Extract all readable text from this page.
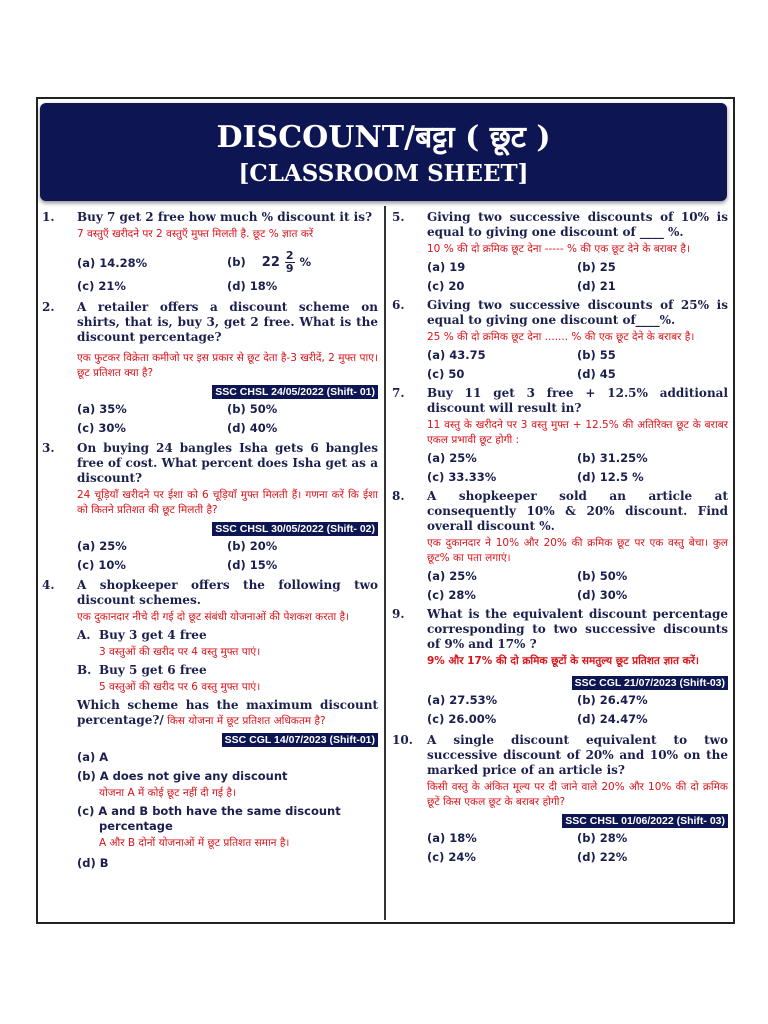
DISCOUNT/बट्टा ( छूट )
[CLASSROOM SHEET]
1. Buy 7 get 2 free how much % discount it is?
7 वस्तुएँ खरीदने पर 2 वस्तुएँ मुफ्त मिलती है. छूट % ज्ञात करें
(a) 14.28%	(b) $22 \frac{2}{9}$ %
(c) 21%	(d) 18%
2. A retailer offers a discount scheme on shirts, that is, buy 3, get 2 free. What is the discount percentage?
एक फुटकर विक्रेता कमीजो पर इस प्रकार से छूट देता है-3 खरीदें, 2 मुफ्त पाए। छूट प्रतिशत क्या है?
SSC CHSL 24/05/2022 (Shift- 01)
(a) 35%	(b) 50%
(c) 30%	(d) 40%
3. On buying 24 bangles Isha gets 6 bangles free of cost. What percent does Isha get as a discount?
24 चूड़ियाँ खरीदने पर ईशा को 6 चूड़ियाँ मुफ्त मिलती हैं। गणना करें कि ईशा को कितने प्रतिशत की छूट मिलती है?
SSC CHSL 30/05/2022 (Shift- 02)
(a) 25%	(b) 20%
(c) 10%	(d) 15%
4. A shopkeeper offers the following two discount schemes.
एक दुकानदार नीचे दी गई दो छूट संबंधी योजनाओं की पेशकश करता है।
A. Buy 3 get 4 free
3 वस्तुओं की खरीद पर 4 वस्तु मुफ्त पाएं।
B. Buy 5 get 6 free
5 वस्तुओं की खरीद पर 6 वस्तु मुफ्त पाएं।
Which scheme has the maximum discount percentage?/ किस योजना में छूट प्रतिशत अधिकतम है?
SSC CGL 14/07/2023 (Shift-01)
(a) A
(b) A does not give any discount
योजना A में कोई छूट नहीं दी गई है।
(c) A and B both have the same discount percentage
A और B दोनों योजनाओं में छूट प्रतिशत समान है।
(d) B
5. Giving two successive discounts of 10% is equal to giving one discount of ____ %.
10 % की दो क्रमिक छूट देना ----- % की एक छूट देने के बराबर है।
(a) 19	(b) 25
(c) 20	(d) 21
6. Giving two successive discounts of 25% is equal to giving one discount of____%.
25 % की दो क्रमिक छूट देना ....... % की एक छूट देने के बराबर है।
(a) 43.75	(b) 55
(c) 50	(d) 45
7. Buy 11 get 3 free + 12.5% additional discount will result in?
11 वस्तु के खरीदने पर 3 वस्तु मुफ्त + 12.5% की अतिरिक्त छूट के बराबर एकल प्रभावी छूट होगी :
(a) 25%	(b) 31.25%
(c) 33.33%	(d) 12.5 %
8. A shopkeeper sold an article at consequently 10% & 20% discount. Find overall discount %.
एक दुकानदार ने 10% और 20% की क्रमिक छूट पर एक वस्तु बेचा। कुल छूट% का पता लगाएं।
(a) 25%	(b) 50%
(c) 28%	(d) 30%
9. What is the equivalent discount percentage corresponding to two successive discounts of 9% and 17% ?
9% और 17% की दो क्रमिक छूटों के समतुल्य छूट प्रतिशत ज्ञात करें।
SSC CGL 21/07/2023 (Shift-03)
(a) 27.53%	(b) 26.47%
(c) 26.00%	(d) 24.47%
10. A single discount equivalent to two successive discount of 20% and 10% on the marked price of an article is?
किसी वस्तु के अंकित मूल्य पर दी जाने वाले 20% और 10% की दो क्रमिक छूटें किस एकल छूट के बराबर होगी?
SSC CHSL 01/06/2022 (Shift- 03)
(a) 18%	(b) 28%
(c) 24%	(d) 22%
